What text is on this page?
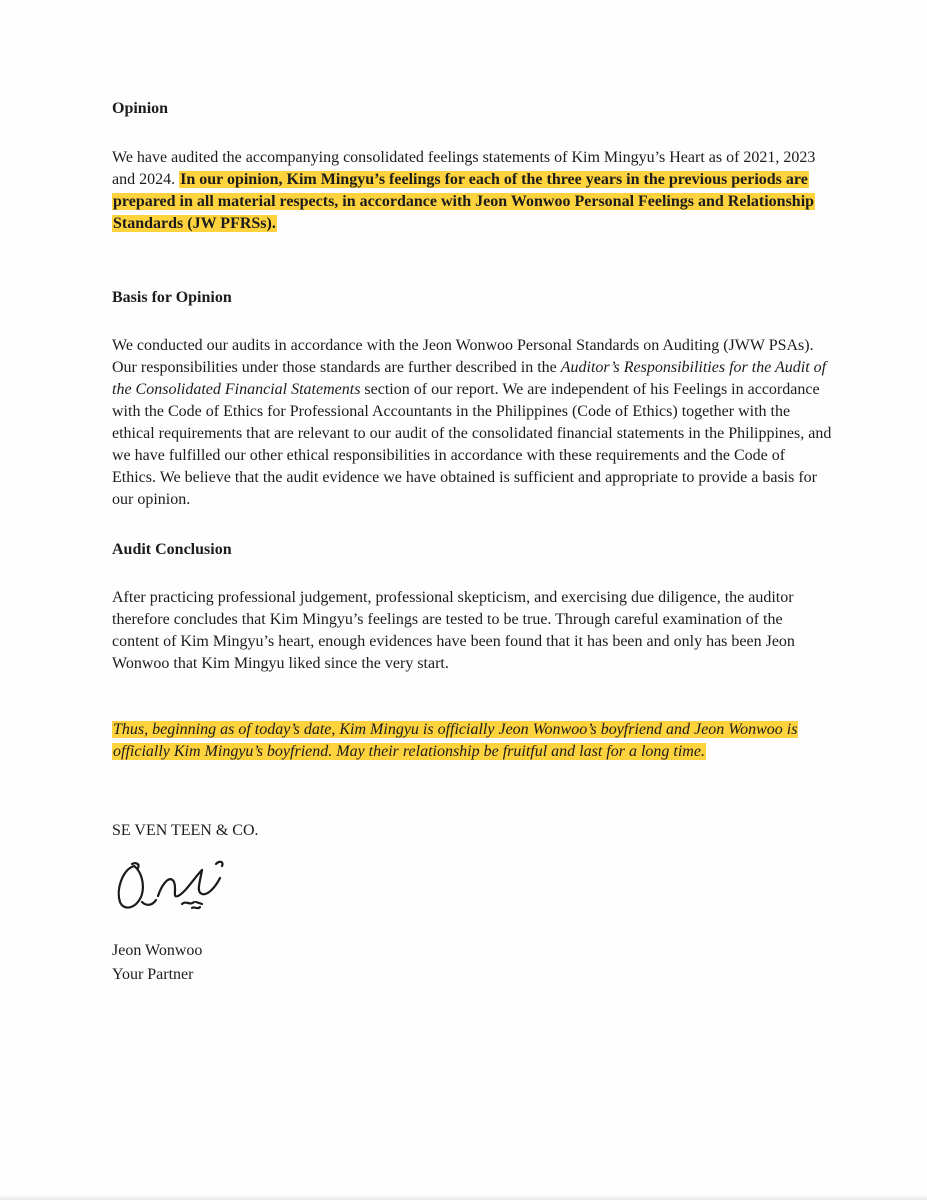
Opinion

We have audited the accompanying consolidated feelings statements of Kim Mingyu’s Heart as of 2021, 2023 and 2024. In our opinion, Kim Mingyu’s feelings for each of the three years in the previous periods are prepared in all material respects, in accordance with Jeon Wonwoo Personal Feelings and Relationship Standards (JW PFRSs).

Basis for Opinion

We conducted our audits in accordance with the Jeon Wonwoo Personal Standards on Auditing (JWW PSAs). Our responsibilities under those standards are further described in the Auditor’s Responsibilities for the Audit of the Consolidated Financial Statements section of our report. We are independent of his Feelings in accordance with the Code of Ethics for Professional Accountants in the Philippines (Code of Ethics) together with the ethical requirements that are relevant to our audit of the consolidated financial statements in the Philippines, and we have fulfilled our other ethical responsibilities in accordance with these requirements and the Code of Ethics. We believe that the audit evidence we have obtained is sufficient and appropriate to provide a basis for our opinion.

Audit Conclusion

After practicing professional judgement, professional skepticism, and exercising due diligence, the auditor therefore concludes that Kim Mingyu’s feelings are tested to be true. Through careful examination of the content of Kim Mingyu’s heart, enough evidences have been found that it has been and only has been Jeon Wonwoo that Kim Mingyu liked since the very start.

Thus, beginning as of today’s date, Kim Mingyu is officially Jeon Wonwoo’s boyfriend and Jeon Wonwoo is officially Kim Mingyu’s boyfriend. May their relationship be fruitful and last for a long time.

SE VEN TEEN & CO.

Jeon Wonwoo
Your Partner
